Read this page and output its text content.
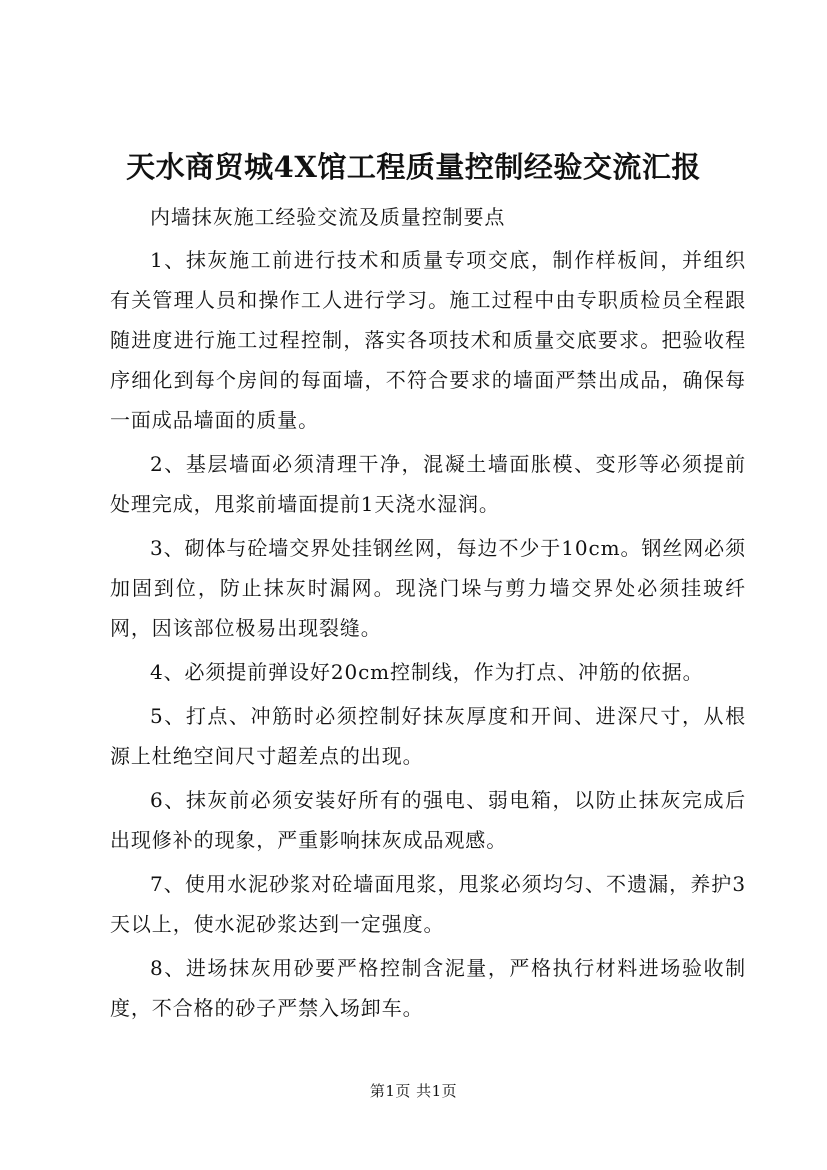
天水商贸城4X馆工程质量控制经验交流汇报

内墙抹灰施工经验交流及质量控制要点

1、抹灰施工前进行技术和质量专项交底，制作样板间，并组织有关管理人员和操作工人进行学习。施工过程中由专职质检员全程跟随进度进行施工过程控制，落实各项技术和质量交底要求。把验收程序细化到每个房间的每面墙，不符合要求的墙面严禁出成品，确保每一面成品墙面的质量。

2、基层墙面必须清理干净，混凝土墙面胀模、变形等必须提前处理完成，甩浆前墙面提前1天浇水湿润。

3、砌体与砼墙交界处挂钢丝网，每边不少于10cm。钢丝网必须加固到位，防止抹灰时漏网。现浇门垛与剪力墙交界处必须挂玻纤网，因该部位极易出现裂缝。

4、必须提前弹设好20cm控制线，作为打点、冲筋的依据。

5、打点、冲筋时必须控制好抹灰厚度和开间、进深尺寸，从根源上杜绝空间尺寸超差点的出现。

6、抹灰前必须安装好所有的强电、弱电箱，以防止抹灰完成后出现修补的现象，严重影响抹灰成品观感。

7、使用水泥砂浆对砼墙面甩浆，甩浆必须均匀、不遗漏，养护3天以上，使水泥砂浆达到一定强度。

8、进场抹灰用砂要严格控制含泥量，严格执行材料进场验收制度，不合格的砂子严禁入场卸车。

第1页 共1页
